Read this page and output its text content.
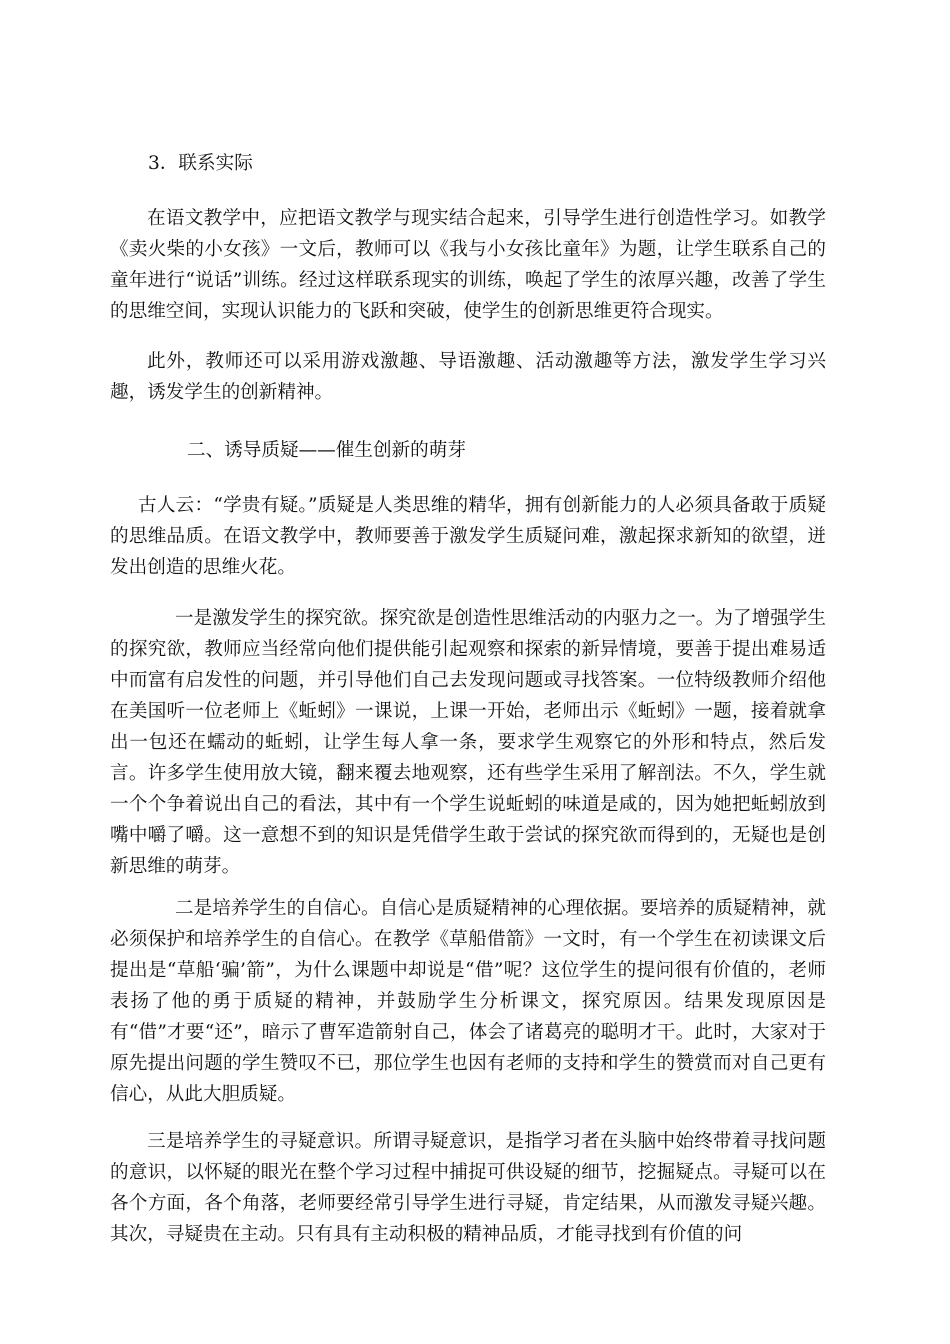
3．联系实际

在语文教学中，应把语文教学与现实结合起来，引导学生进行创造性学习。如教学《卖火柴的小女孩》一文后，教师可以《我与小女孩比童年》为题，让学生联系自己的童年进行“说话”训练。经过这样联系现实的训练，唤起了学生的浓厚兴趣，改善了学生的思维空间，实现认识能力的飞跃和突破，使学生的创新思维更符合现实。

此外，教师还可以采用游戏激趣、导语激趣、活动激趣等方法，激发学生学习兴趣，诱发学生的创新精神。

二、诱导质疑——催生创新的萌芽

古人云：“学贵有疑。”质疑是人类思维的精华，拥有创新能力的人必须具备敢于质疑的思维品质。在语文教学中，教师要善于激发学生质疑问难，激起探求新知的欲望，迸发出创造的思维火花。

一是激发学生的探究欲。探究欲是创造性思维活动的内驱力之一。为了增强学生的探究欲，教师应当经常向他们提供能引起观察和探索的新异情境，要善于提出难易适中而富有启发性的问题，并引导他们自己去发现问题或寻找答案。一位特级教师介绍他在美国听一位老师上《蚯蚓》一课说，上课一开始，老师出示《蚯蚓》一题，接着就拿出一包还在蠕动的蚯蚓，让学生每人拿一条，要求学生观察它的外形和特点，然后发言。许多学生使用放大镜，翻来覆去地观察，还有些学生采用了解剖法。不久，学生就一个个争着说出自己的看法，其中有一个学生说蚯蚓的味道是咸的，因为她把蚯蚓放到嘴中嚼了嚼。这一意想不到的知识是凭借学生敢于尝试的探究欲而得到的，无疑也是创新思维的萌芽。

二是培养学生的自信心。自信心是质疑精神的心理依据。要培养的质疑精神，就必须保护和培养学生的自信心。在教学《草船借箭》一文时，有一个学生在初读课文后提出是“草船‘骗’箭”，为什么课题中却说是“借”呢？这位学生的提问很有价值的，老师表扬了他的勇于质疑的精神，并鼓励学生分析课文，探究原因。结果发现原因是有“借”才要“还”，暗示了曹军造箭射自己，体会了诸葛亮的聪明才干。此时，大家对于原先提出问题的学生赞叹不已，那位学生也因有老师的支持和学生的赞赏而对自己更有信心，从此大胆质疑。

三是培养学生的寻疑意识。所谓寻疑意识，是指学习者在头脑中始终带着寻找问题的意识，以怀疑的眼光在整个学习过程中捕捉可供设疑的细节，挖掘疑点。寻疑可以在各个方面，各个角落，老师要经常引导学生进行寻疑，肯定结果，从而激发寻疑兴趣。其次，寻疑贵在主动。只有具有主动积极的精神品质，才能寻找到有价值的问
